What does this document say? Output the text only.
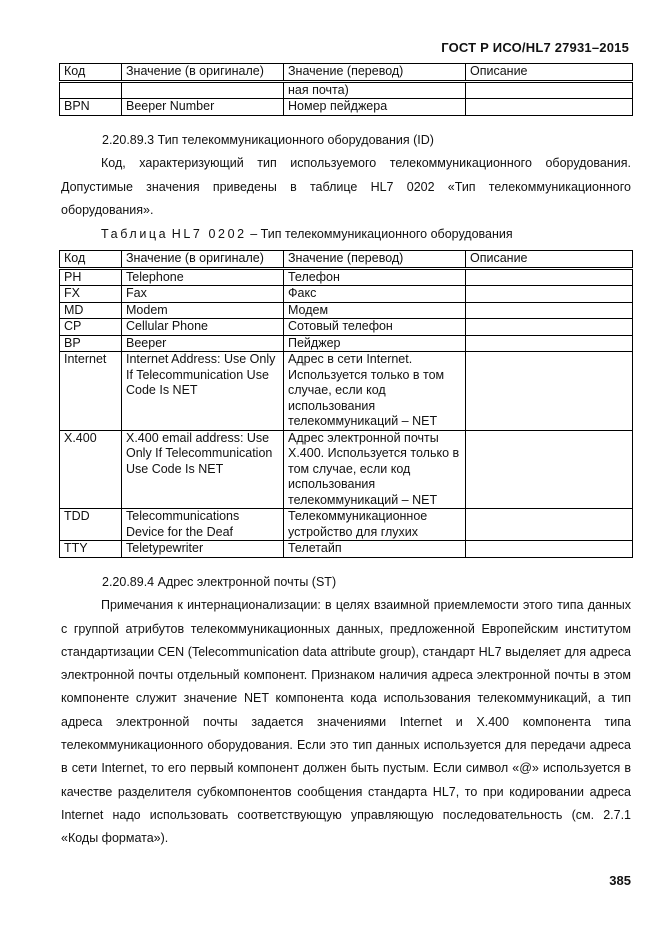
ГОСТ Р ИСО/HL7 27931–2015
Код	Значение (в оригинале)	Значение (перевод)	Описание
		ная почта)	
BPN	Beeper Number	Номер пейджера	

2.20.89.3 Тип телекоммуникационного оборудования (ID)

Код, характеризующий тип используемого телекоммуникационного оборудования. Допустимые значения приведены в таблице HL7 0202 «Тип телекоммуникационного оборудования».

Таблица HL7 0202 – Тип телекоммуникационного оборудования
Код	Значение (в оригинале)	Значение (перевод)	Описание
PH	Telephone	Телефон	
FX	Fax	Факс	
MD	Modem	Модем	
CP	Cellular Phone	Сотовый телефон	
BP	Beeper	Пейджер	
Internet	Internet Address: Use Only If Telecommunication Use Code Is NET	Адрес в сети Internet. Используется только в том случае, если код использования телекоммуникаций – NET	
X.400	X.400 email address: Use Only If Telecommunication Use Code Is NET	Адрес электронной почты X.400. Используется только в том случае, если код использования телекоммуникаций – NET	
TDD	Telecommunications Device for the Deaf	Телекоммуникационное устройство для глухих	
TTY	Teletypewriter	Телетайп	

2.20.89.4 Адрес электронной почты (ST)

Примечания к интернационализации: в целях взаимной приемлемости этого типа данных с группой атрибутов телекоммуникационных данных, предложенной Европейским институтом стандартизации CEN (Telecommunication data attribute group), стандарт HL7 выделяет для адреса электронной почты отдельный компонент. Признаком наличия адреса электронной почты в этом компоненте служит значение NET компонента кода использования телекоммуникаций, а тип адреса электронной почты задается значениями Internet и X.400 компонента типа телекоммуникационного оборудования. Если это тип данных используется для передачи адреса в сети Internet, то его первый компонент должен быть пустым. Если символ «@» используется в качестве разделителя субкомпонентов сообщения стандарта HL7, то при кодировании адреса Internet надо использовать соответствующую управляющую последовательность (см. 2.7.1 «Коды формата»).

385
